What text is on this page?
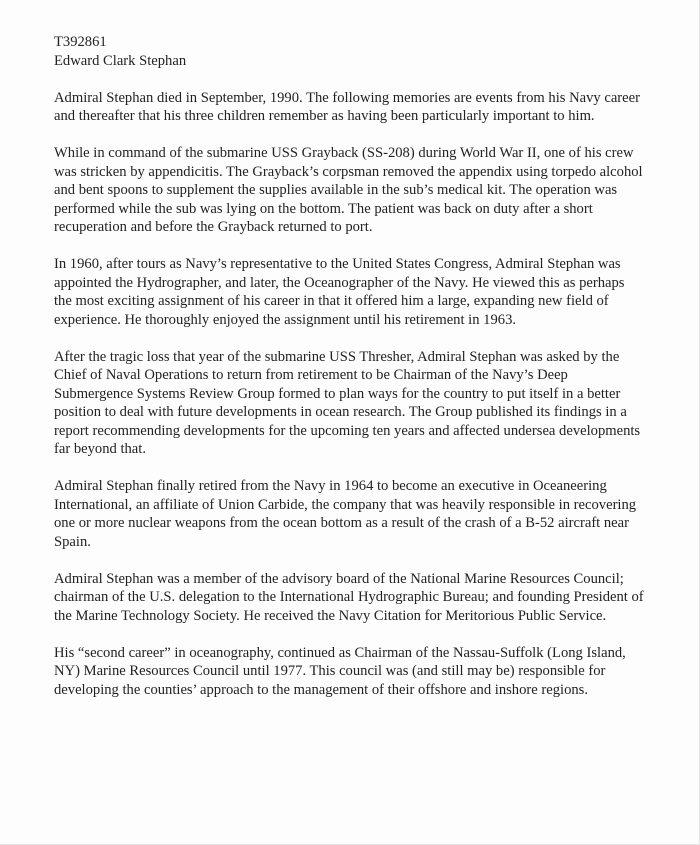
T392861
Edward Clark Stephan

Admiral Stephan died in September, 1990. The following memories are events from his Navy career and thereafter that his three children remember as having been particularly important to him.

While in command of the submarine USS Grayback (SS-208) during World War II, one of his crew was stricken by appendicitis. The Grayback’s corpsman removed the appendix using torpedo alcohol and bent spoons to supplement the supplies available in the sub’s medical kit. The operation was performed while the sub was lying on the bottom. The patient was back on duty after a short recuperation and before the Grayback returned to port.

In 1960, after tours as Navy’s representative to the United States Congress, Admiral Stephan was appointed the Hydrographer, and later, the Oceanographer of the Navy. He viewed this as perhaps the most exciting assignment of his career in that it offered him a large, expanding new field of experience. He thoroughly enjoyed the assignment until his retirement in 1963.

After the tragic loss that year of the submarine USS Thresher, Admiral Stephan was asked by the Chief of Naval Operations to return from retirement to be Chairman of the Navy’s Deep Submergence Systems Review Group formed to plan ways for the country to put itself in a better position to deal with future developments in ocean research. The Group published its findings in a report recommending developments for the upcoming ten years and affected undersea developments far beyond that.

Admiral Stephan finally retired from the Navy in 1964 to become an executive in Oceaneering International, an affiliate of Union Carbide, the company that was heavily responsible in recovering one or more nuclear weapons from the ocean bottom as a result of the crash of a B-52 aircraft near Spain.

Admiral Stephan was a member of the advisory board of the National Marine Resources Council; chairman of the U.S. delegation to the International Hydrographic Bureau; and founding President of the Marine Technology Society. He received the Navy Citation for Meritorious Public Service.

His “second career” in oceanography, continued as Chairman of the Nassau-Suffolk (Long Island, NY) Marine Resources Council until 1977. This council was (and still may be) responsible for developing the counties’ approach to the management of their offshore and inshore regions.
